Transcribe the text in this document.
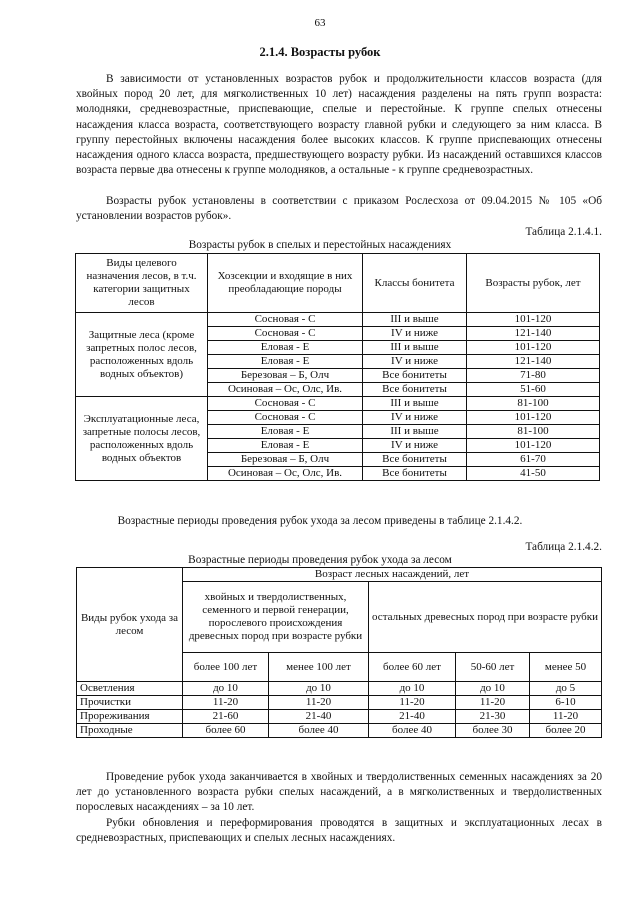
63
2.1.4. Возрасты рубок

В зависимости от установленных возрастов рубок и продолжительности классов возраста (для хвойных пород 20 лет, для мягколиственных 10 лет) насаждения разделены на пять групп возраста: молодняки, средневозрастные, приспевающие, спелые и перестойные. К группе спелых отнесены насаждения класса возраста, соответствующего возрасту главной рубки и следующего за ним класса. В группу перестойных включены насаждения более высоких классов. К группе приспевающих отнесены насаждения одного класса возраста, предшествующего возрасту рубки. Из насаждений оставшихся классов возраста первые два отнесены к группе молодняков, а остальные - к группе средневозрастных.

Возрасты рубок установлены в соответствии с приказом Рослесхоза от 09.04.2015 № 105 «Об установлении возрастов рубок».

Таблица 2.1.4.1.
Возрасты рубок в спелых и перестойных насаждениях
Виды целевого назначения лесов, в т.ч. категории защитных лесов	Хозсекции и входящие в них преобладающие породы	Классы бонитета	Возрасты рубок, лет
Защитные леса (кроме запретных полос лесов, расположенных вдоль водных объектов)	Сосновая - С	III и выше	101-120
	Сосновая - С	IV и ниже	121-140
	Еловая - Е	III и выше	101-120
	Еловая - Е	IV и ниже	121-140
	Березовая – Б, Олч	Все бонитеты	71-80
	Осиновая – Ос, Олс, Ив.	Все бонитеты	51-60
Эксплуатационные леса, запретные полосы лесов, расположенных вдоль водных объектов	Сосновая - С	III и выше	81-100
	Сосновая - С	IV и ниже	101-120
	Еловая - Е	III и выше	81-100
	Еловая - Е	IV и ниже	101-120
	Березовая – Б, Олч	Все бонитеты	61-70
	Осиновая – Ос, Олс, Ив.	Все бонитеты	41-50
Возрастные периоды проведения рубок ухода за лесом приведены в таблице 2.1.4.2.
Таблица 2.1.4.2.
Возрастные периоды проведения рубок ухода за лесом
Виды рубок ухода за лесом	Возраст лесных насаждений, лет				
	хвойных и твердолиственных, семенного и первой генерации, порослевого происхождения древесных пород при возрасте рубки		остальных древесных пород при возрасте рубки		
	более 100 лет	менее 100 лет	более 60 лет	50-60 лет	менее 50
Осветления	до 10	до 10	до 10	до 10	до 5
Прочистки	11-20	11-20	11-20	11-20	6-10
Прореживания	21-60	21-40	21-40	21-30	11-20
Проходные	более 60	более 40	более 40	более 30	более 20

Проведение рубок ухода заканчивается в хвойных и твердолиственных семенных насаждениях за 20 лет до установленного возраста рубки спелых насаждений, а в мягколиственных и твердолиственных порослевых насаждениях – за 10 лет.

Рубки обновления и переформирования проводятся в защитных и эксплуатационных лесах в средневозрастных, приспевающих и спелых лесных насаждениях.
